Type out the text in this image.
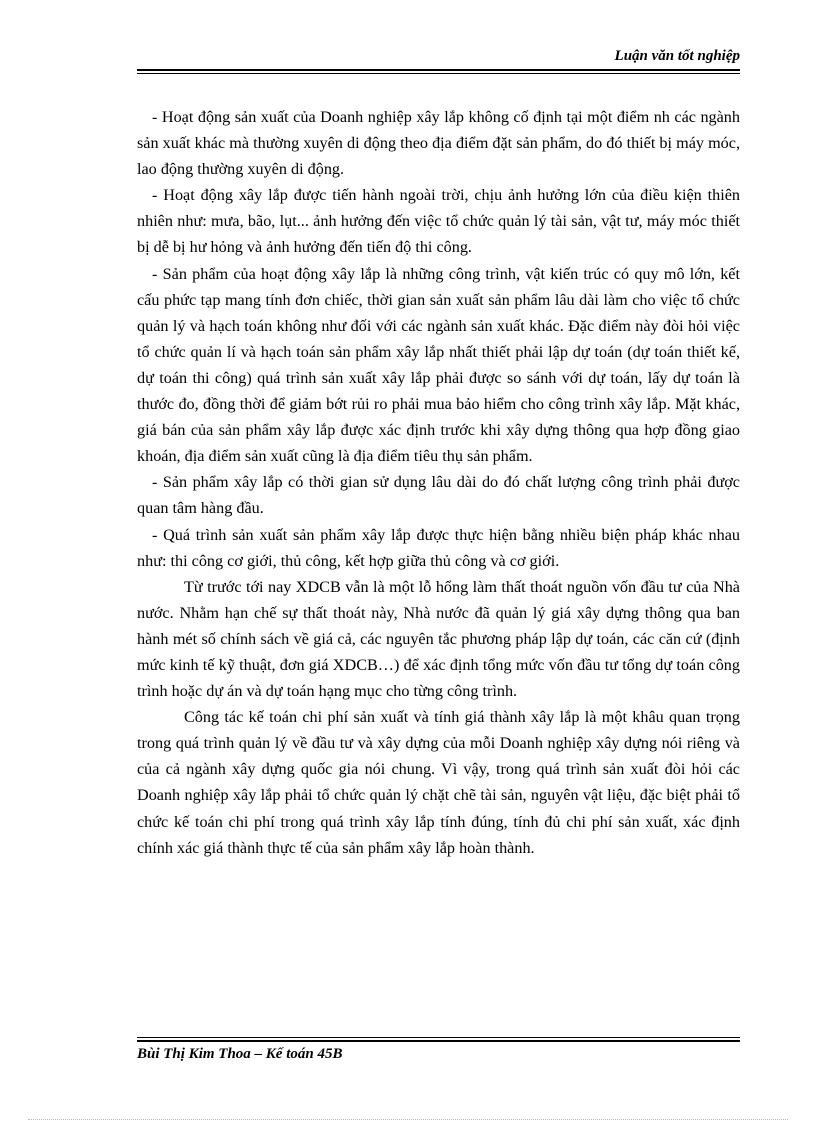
Luận văn tốt nghiệp

- Hoạt động sản xuất của Doanh nghiệp xây lắp không cố định tại một điểm nh các ngành sản xuất khác mà thường xuyên di động theo địa điểm đặt sản phẩm, do đó thiết bị máy móc, lao động thường xuyên di động.

- Hoạt động xây lắp được tiến hành ngoài trời, chịu ảnh hưởng lớn của điều kiện thiên nhiên như: mưa, bão, lụt... ảnh hưởng đến việc tổ chức quản lý tài sản, vật tư, máy móc thiết bị dễ bị hư hỏng và ảnh hưởng đến tiến độ thi công.

- Sản phẩm của hoạt động xây lắp là những công trình, vật kiến trúc có quy mô lớn, kết cấu phức tạp mang tính đơn chiếc, thời gian sản xuất sản phẩm lâu dài làm cho việc tổ chức quản lý và hạch toán không như đối với các ngành sản xuất khác. Đặc điểm này đòi hỏi việc tổ chức quản lí và hạch toán sản phẩm xây lắp nhất thiết phải lập dự toán (dự toán thiết kế, dự toán thi công) quá trình sản xuất xây lắp phải được so sánh với dự toán, lấy dự toán là thước đo, đồng thời để giảm bớt rủi ro phải mua bảo hiểm cho công trình xây lắp. Mặt khác, giá bán của sản phẩm xây lắp được xác định trước khi xây dựng thông qua hợp đồng giao khoán, địa điểm sản xuất cũng là địa điểm tiêu thụ sản phẩm.

- Sản phẩm xây lắp có thời gian sử dụng lâu dài do đó chất lượng công trình phải được quan tâm hàng đầu.

- Quá trình sản xuất sản phẩm xây lắp được thực hiện bằng nhiều biện pháp khác nhau như: thi công cơ giới, thủ công, kết hợp giữa thủ công và cơ giới.

Từ trước tới nay XDCB vẫn là một lỗ hổng làm thất thoát nguồn vốn đầu tư của Nhà nước. Nhằm hạn chế sự thất thoát này, Nhà nước đã quản lý giá xây dựng thông qua ban hành mét số chính sách về giá cả, các nguyên tắc phương pháp lập dự toán, các căn cứ (định mức kinh tế kỹ thuật, đơn giá XDCB…) để xác định tổng mức vốn đầu tư tổng dự toán công trình hoặc dự án và dự toán hạng mục cho từng công trình.

Công tác kế toán chi phí sản xuất và tính giá thành xây lắp là một khâu quan trọng trong quá trình quản lý về đầu tư và xây dựng của mỗi Doanh nghiệp xây dựng nói riêng và của cả ngành xây dựng quốc gia nói chung. Vì vậy, trong quá trình sản xuất đòi hỏi các Doanh nghiệp xây lắp phải tổ chức quản lý chặt chẽ tài sản, nguyên vật liệu, đặc biệt phải tổ chức kế toán chi phí trong quá trình xây lắp tính đúng, tính đủ chi phí sản xuất, xác định chính xác giá thành thực tế của sản phẩm xây lắp hoàn thành.

Bùi Thị Kim Thoa – Kế toán 45B
